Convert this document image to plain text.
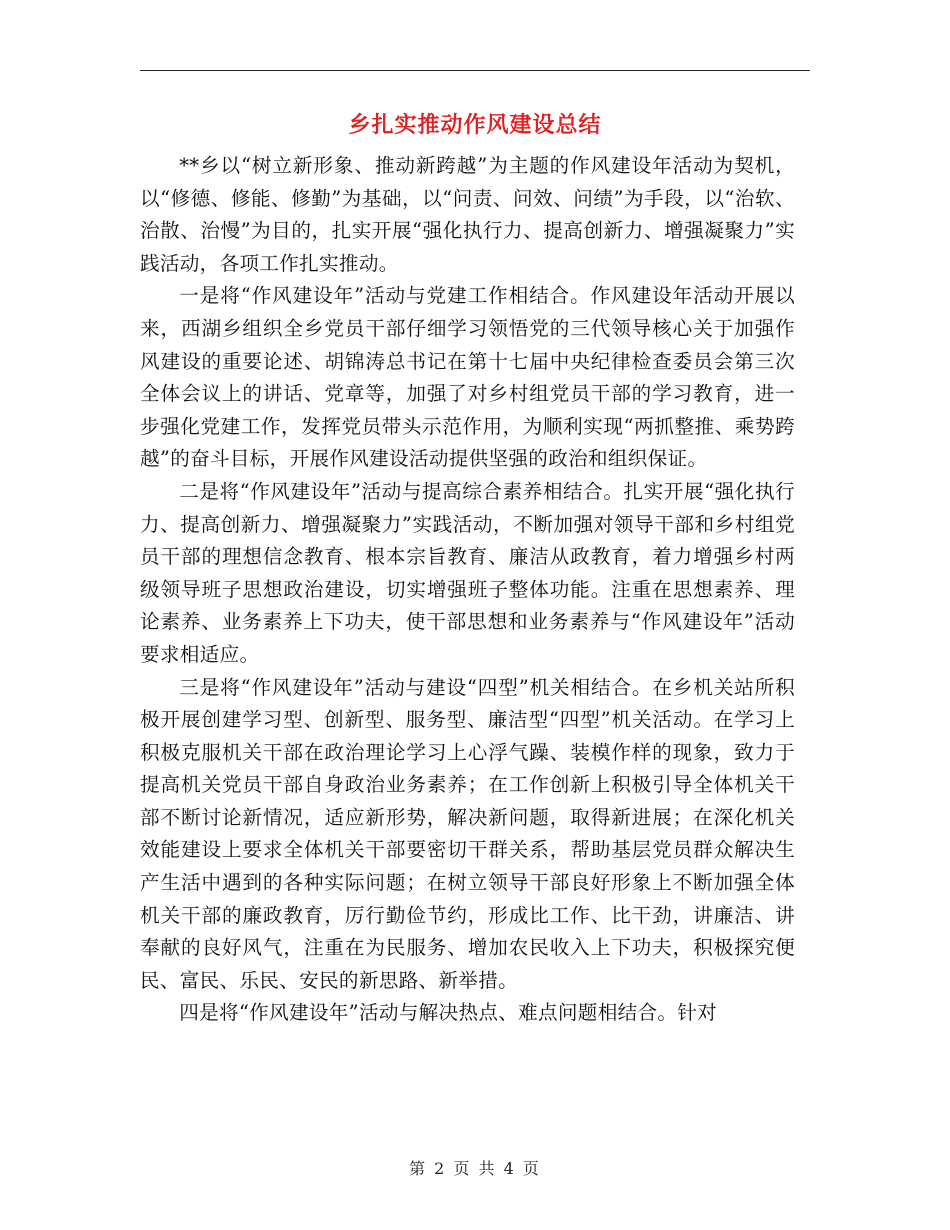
乡扎实推动作风建设总结

**乡以“树立新形象、推动新跨越”为主题的作风建设年活动为契机，以“修德、修能、修勤”为基础，以“问责、问效、问绩”为手段，以“治软、治散、治慢”为目的，扎实开展“强化执行力、提高创新力、增强凝聚力”实践活动，各项工作扎实推动。

一是将“作风建设年”活动与党建工作相结合。作风建设年活动开展以来，西湖乡组织全乡党员干部仔细学习领悟党的三代领导核心关于加强作风建设的重要论述、胡锦涛总书记在第十七届中央纪律检查委员会第三次全体会议上的讲话、党章等，加强了对乡村组党员干部的学习教育，进一步强化党建工作，发挥党员带头示范作用，为顺利实现“两抓整推、乘势跨越”的奋斗目标，开展作风建设活动提供坚强的政治和组织保证。

二是将“作风建设年”活动与提高综合素养相结合。扎实开展“强化执行力、提高创新力、增强凝聚力”实践活动，不断加强对领导干部和乡村组党员干部的理想信念教育、根本宗旨教育、廉洁从政教育，着力增强乡村两级领导班子思想政治建设，切实增强班子整体功能。注重在思想素养、理论素养、业务素养上下功夫，使干部思想和业务素养与“作风建设年”活动要求相适应。

三是将“作风建设年”活动与建设“四型”机关相结合。在乡机关站所积极开展创建学习型、创新型、服务型、廉洁型“四型”机关活动。在学习上积极克服机关干部在政治理论学习上心浮气躁、装模作样的现象，致力于提高机关党员干部自身政治业务素养；在工作创新上积极引导全体机关干部不断讨论新情况，适应新形势，解决新问题，取得新进展；在深化机关效能建设上要求全体机关干部要密切干群关系，帮助基层党员群众解决生产生活中遇到的各种实际问题；在树立领导干部良好形象上不断加强全体机关干部的廉政教育，厉行勤俭节约，形成比工作、比干劲，讲廉洁、讲奉献的良好风气，注重在为民服务、增加农民收入上下功夫，积极探究便民、富民、乐民、安民的新思路、新举措。

四是将“作风建设年”活动与解决热点、难点问题相结合。针对

第 2 页 共 4 页
